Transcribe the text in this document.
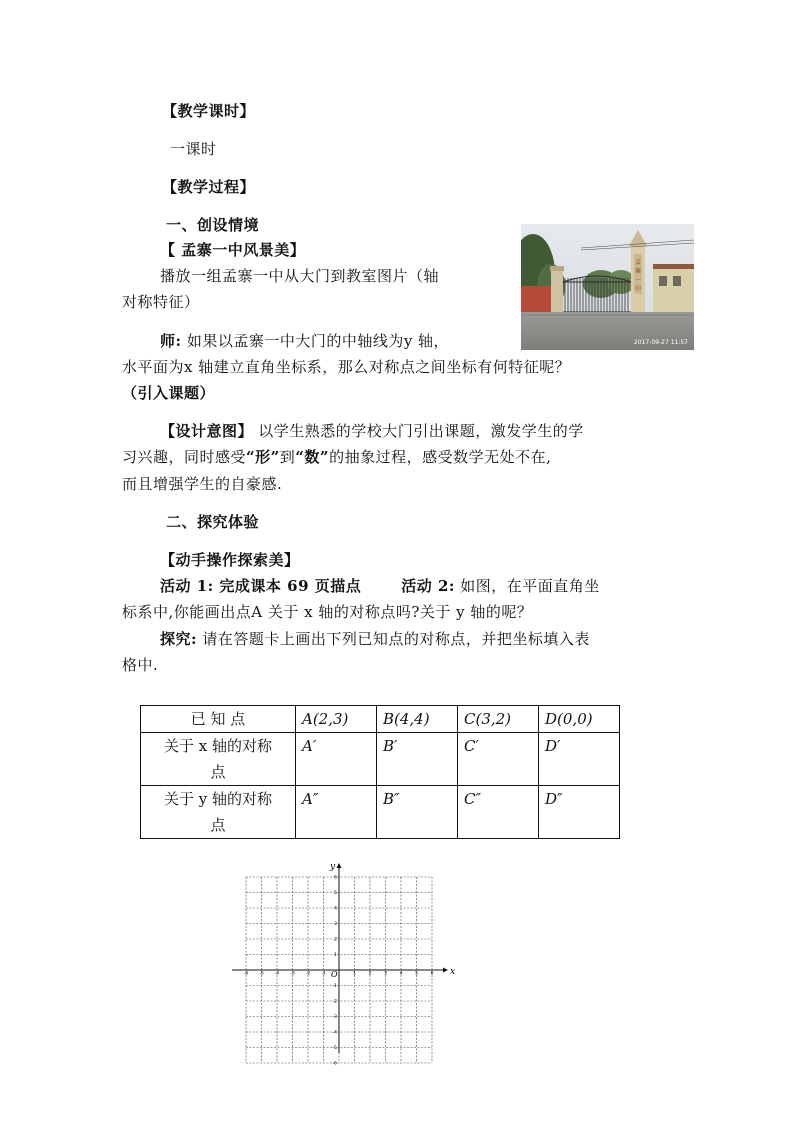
【教学课时】
一课时
【教学过程】
一、创设情境
【 孟寨一中风景美】
播放一组孟寨一中从大门到教室图片（轴
对称特征）
师: 如果以孟寨一中大门的中轴线为y 轴，
水平面为x 轴建立直角坐标系，那么对称点之间坐标有何特征呢？
（引入课题）
孟
寨
一
中
2017-09-27 11:57
【设计意图】 以学生熟悉的学校大门引出课题，激发学生的学
习兴趣，同时感受“形”到“数”的抽象过程，感受数学无处不在,
而且增强学生的自豪感.
二、探究体验
【动手操作探索美】
活动 1: 完成课本 69 页描点	活动 2: 如图，在平面直角坐
标系中,你能画出点A 关于 x 轴的对称点吗?关于 y 轴的呢？
探究: 请在答题卡上画出下列已知点的对称点，并把坐标填入表
格中.
已 知 点	A(2,3)	B(4,4)	C(3,2)	D(0,0)

关于 x 轴的对称
点	A′	B′	C′	D′

关于 y 轴的对称
点	A″	B″	C″	D″
-6 -5 -4 -3 -2 -1	1	2	3	4	5	6
6
5
4
3
2
1
-1
-2
-3
-4
-5
-6
x
y
O
